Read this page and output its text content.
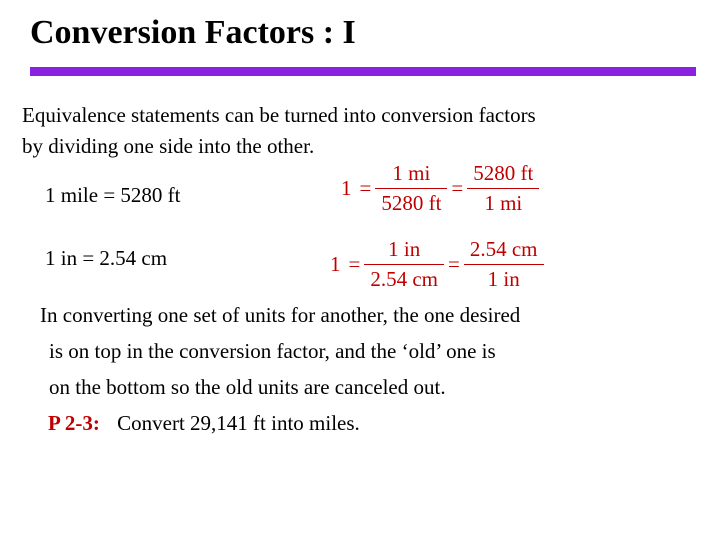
Conversion Factors : I
Equivalence statements can be turned into conversion factors
by dividing one side into the other.
1 mile = 5280 ft	$1 = \frac{1 mi}{5280 ft} = \frac{5280 ft}{1 mi}$
1 in = 2.54 cm	$1 = \frac{1 in}{2.54 cm} = \frac{2.54 cm}{1 in}$
In converting one set of units for another, the one desired
is on top in the conversion factor, and the ‘old’ one is
on the bottom so the old units are canceled out.
P 2-3: Convert 29,141 ft into miles.
